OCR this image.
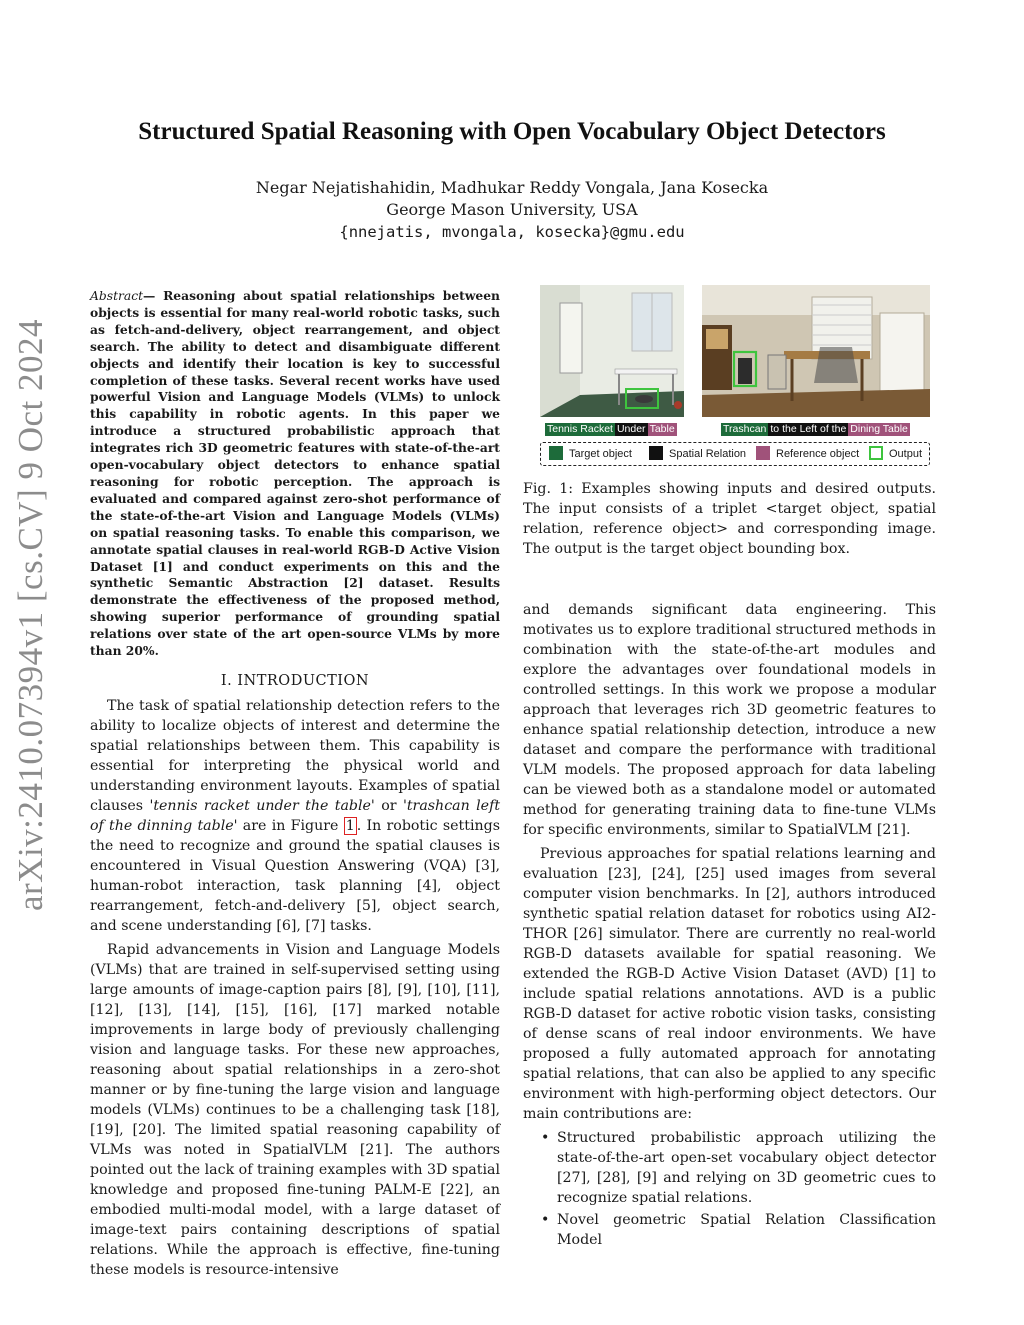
arXiv:2410.07394v1 [cs.CV] 9 Oct 2024
Structured Spatial Reasoning with Open Vocabulary Object Detectors
Negar Nejatishahidin, Madhukar Reddy Vongala, Jana Kosecka
George Mason University, USA
{nnejatis, mvongala, kosecka}@gmu.edu

Abstract— Reasoning about spatial relationships between objects is essential for many real-world robotic tasks, such as fetch-and-delivery, object rearrangement, and object search. The ability to detect and disambiguate different objects and identify their location is key to successful completion of these tasks. Several recent works have used powerful Vision and Language Models (VLMs) to unlock this capability in robotic agents. In this paper we introduce a structured probabilistic approach that integrates rich 3D geometric features with state-of-the-art open-vocabulary object detectors to enhance spatial reasoning for robotic perception. The approach is evaluated and compared against zero-shot performance of the state-of-the-art Vision and Language Models (VLMs) on spatial reasoning tasks. To enable this comparison, we annotate spatial clauses in real-world RGB-D Active Vision Dataset [1] and conduct experiments on this and the synthetic Semantic Abstraction [2] dataset. Results demonstrate the effectiveness of the proposed method, showing superior performance of grounding spatial relations over state of the art open-source VLMs by more than 20%.

I. INTRODUCTION

The task of spatial relationship detection refers to the ability to localize objects of interest and determine the spatial relationships between them. This capability is essential for interpreting the physical world and understanding environment layouts. Examples of spatial clauses 'tennis racket under the table' or 'trashcan left of the dinning table' are in Figure 1 . In robotic settings the need to recognize and ground the spatial clauses is encountered in Visual Question Answering (VQA) [3], human-robot interaction, task planning [4], object rearrangement, fetch-and-delivery [5], object search, and scene understanding [6], [7] tasks.

Rapid advancements in Vision and Language Models (VLMs) that are trained in self-supervised setting using large amounts of image-caption pairs [8], [9], [10], [11], [12], [13], [14], [15], [16], [17] marked notable improvements in large body of previously challenging vision and language tasks. For these new approaches, reasoning about spatial relationships in a zero-shot manner or by fine-tuning the large vision and language models (VLMs) continues to be a challenging task [18], [19], [20]. The limited spatial reasoning capability of VLMs was noted in SpatialVLM [21]. The authors pointed out the lack of training examples with 3D spatial knowledge and proposed fine-tuning PALM-E [22], an embodied multi-modal model, with a large dataset of image-text pairs containing descriptions of spatial relations. While the approach is effective, fine-tuning these models is resource-intensive

Tennis Racket Under Table	Trashcan to the Left of the Dining Table
Target object	Spatial Relation	Reference object	Output
Fig. 1: Examples showing inputs and desired outputs. The input consists of a triplet <target object, spatial relation, reference object> and corresponding image. The output is the target object bounding box.

and demands significant data engineering. This motivates us to explore traditional structured methods in combination with the state-of-the-art modules and explore the advantages over foundational models in controlled settings. In this work we propose a modular approach that leverages rich 3D geometric features to enhance spatial relationship detection, introduce a new dataset and compare the performance with traditional VLM models. The proposed approach for data labeling can be viewed both as a standalone model or automated method for generating training data to fine-tune VLMs for specific environments, similar to SpatialVLM [21].

Previous approaches for spatial relations learning and evaluation [23], [24], [25] used images from several computer vision benchmarks. In [2], authors introduced synthetic spatial relation dataset for robotics using AI2-THOR [26] simulator. There are currently no real-world RGB-D datasets available for spatial reasoning. We extended the RGB-D Active Vision Dataset (AVD) [1] to include spatial relations annotations. AVD is a public RGB-D dataset for active robotic vision tasks, consisting of dense scans of real indoor environments. We have proposed a fully automated approach for annotating spatial relations, that can also be applied to any specific environment with high-performing object detectors. Our main contributions are:

• Structured probabilistic approach utilizing the state-of-the-art open-set vocabulary object detector [27], [28], [9] and relying on 3D geometric cues to recognize spatial relations.
• Novel geometric Spatial Relation Classification Model
